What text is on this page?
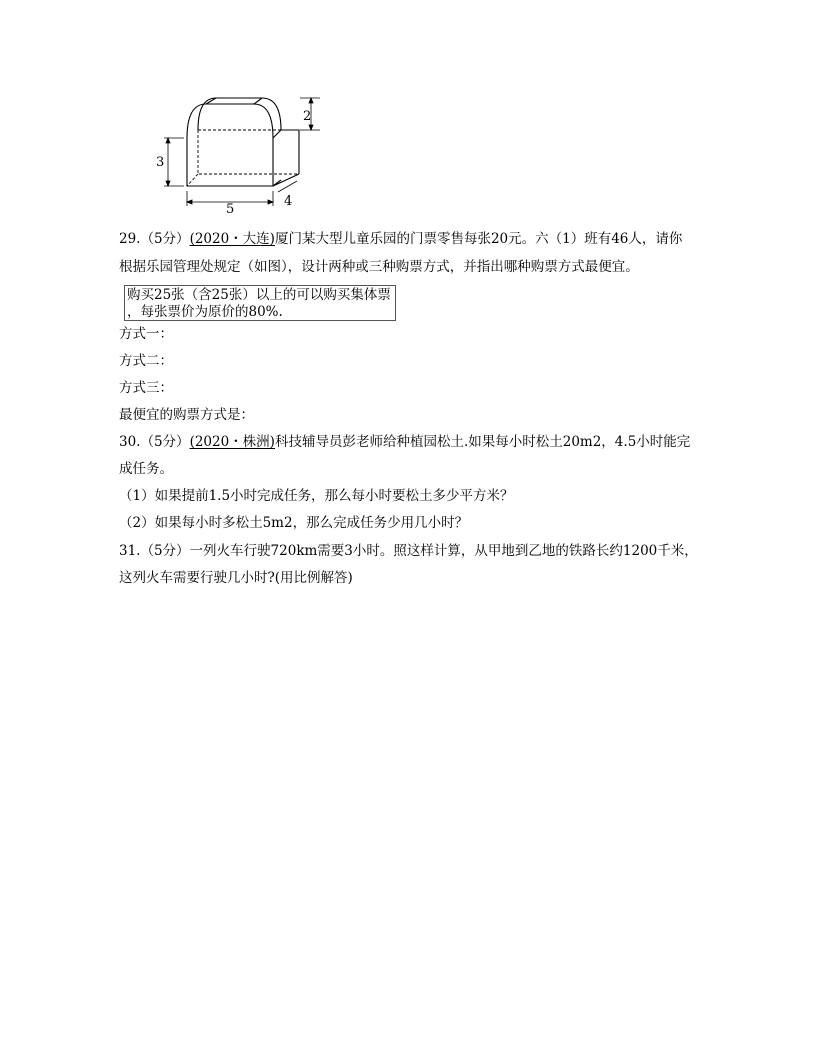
3
5
4
2
29.（5分）(2020・大连)厦门某大型儿童乐园的门票零售每张20元。六（1）班有46人，请你
根据乐园管理处规定（如图），设计两种或三种购票方式，并指出哪种购票方式最便宜。
购买25张（含25张）以上的可以购买集体票
，每张票价为原价的80%.
方式一：
方式二：
方式三：
最便宜的购票方式是：
30.（5分）(2020・株洲)科技辅导员彭老师给种植园松土.如果每小时松土20m2，4.5小时能完
成任务。
（1）如果提前1.5小时完成任务，那么每小时要松土多少平方米？
（2）如果每小时多松土5m2，那么完成任务少用几小时？
31.（5分）一列火车行驶720km需要3小时。照这样计算，从甲地到乙地的铁路长约1200千米，
这列火车需要行驶几小时?(用比例解答)
